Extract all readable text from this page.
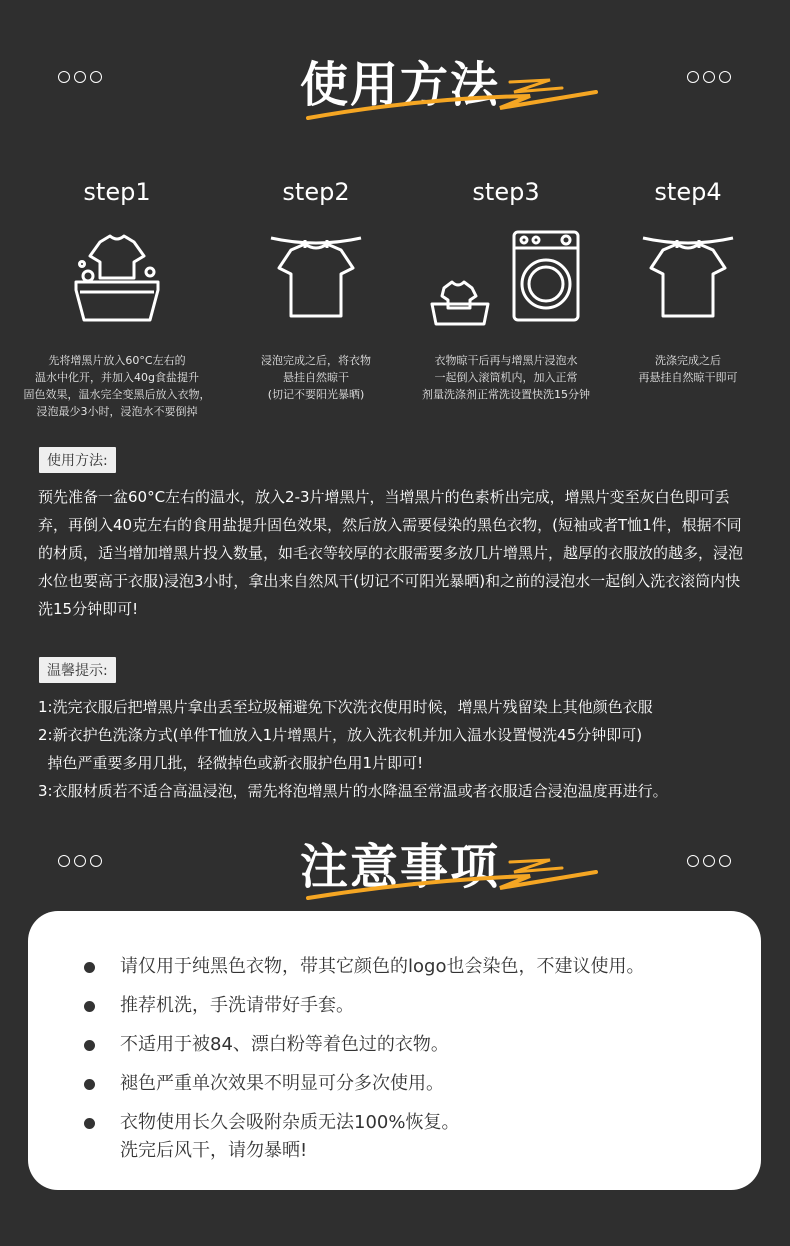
使用方法
step1
先将增黑片放入60°C左右的
温水中化开，并加入40g食盐提升
固色效果，温水完全变黑后放入衣物，
浸泡最少3小时，浸泡水不要倒掉
step2
浸泡完成之后，将衣物
悬挂自然晾干
(切记不要阳光暴晒)
step3
衣物晾干后再与增黑片浸泡水
一起倒入滚筒机内，加入正常
剂量洗涤剂正常洗设置快洗15分钟
step4
洗涤完成之后
再悬挂自然晾干即可
使用方法:
预先准备一盆60°C左右的温水，放入2-3片增黑片，当增黑片的色素析出完成，增黑片变至灰白色即可丢弃，再倒入40克左右的食用盐提升固色效果，然后放入需要侵染的黑色衣物，(短袖或者T恤1件，根据不同的材质，适当增加增黑片投入数量，如毛衣等较厚的衣服需要多放几片增黑片，越厚的衣服放的越多，浸泡水位也要高于衣服)浸泡3小时，拿出来自然风干(切记不可阳光暴晒)和之前的浸泡水一起倒入洗衣滚筒内快洗15分钟即可!
温馨提示:
1:洗完衣服后把增黑片拿出丢至垃圾桶避免下次洗衣使用时候，增黑片残留染上其他颜色衣服
2:新衣护色洗涤方式(单件T恤放入1片增黑片，放入洗衣机并加入温水设置慢洗45分钟即可)
掉色严重要多用几批，轻微掉色或新衣服护色用1片即可!
3:衣服材质若不适合高温浸泡，需先将泡增黑片的水降温至常温或者衣服适合浸泡温度再进行。
注意事项
请仅用于纯黑色衣物，带其它颜色的logo也会染色，不建议使用。
推荐机洗，手洗请带好手套。
不适用于被84、漂白粉等着色过的衣物。
褪色严重单次效果不明显可分多次使用。
衣物使用长久会吸附杂质无法100%恢复。
洗完后风干，请勿暴晒!
